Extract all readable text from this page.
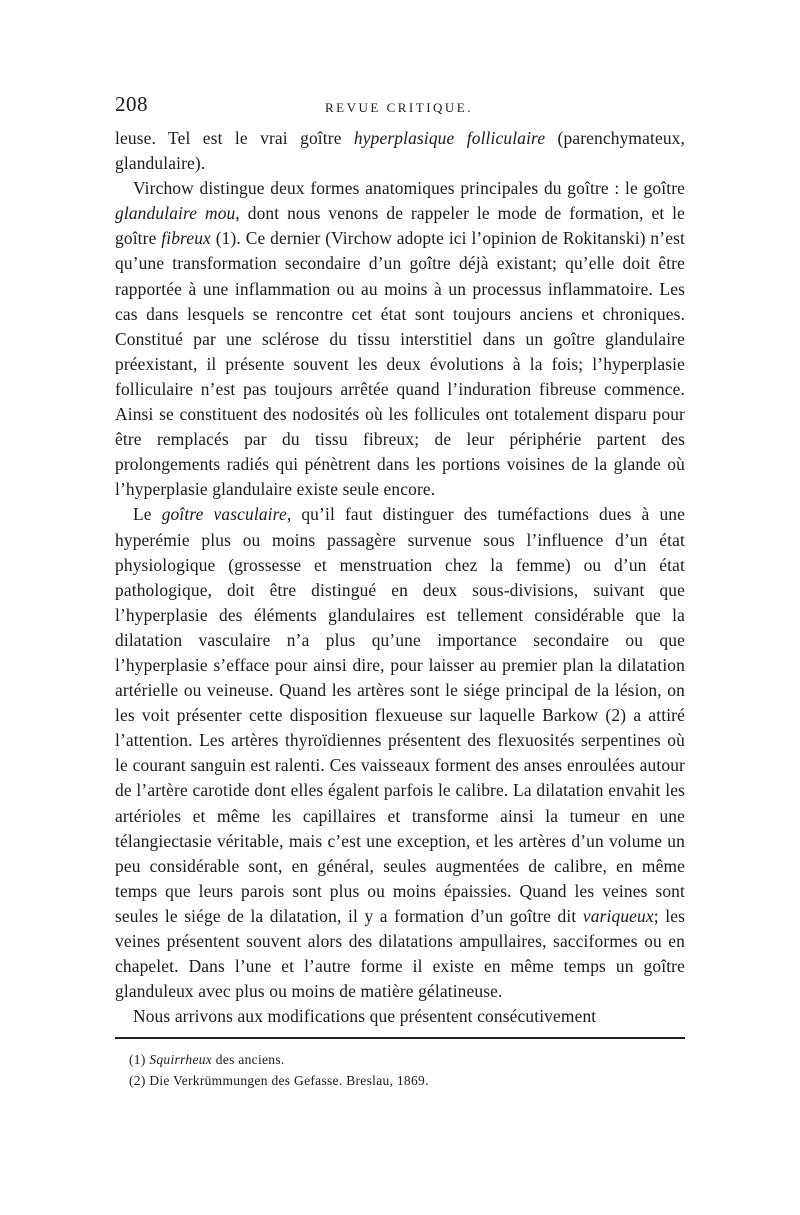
208	REVUE CRITIQUE.

leuse. Tel est le vrai goître hyperplasique folliculaire (parenchymateux, glandulaire).

Virchow distingue deux formes anatomiques principales du goître : le goître glandulaire mou, dont nous venons de rappeler le mode de formation, et le goître fibreux (1). Ce dernier (Virchow adopte ici l’opinion de Rokitanski) n’est qu’une transformation secondaire d’un goître déjà existant; qu’elle doit être rapportée à une inflammation ou au moins à un processus inflammatoire. Les cas dans lesquels se rencontre cet état sont toujours anciens et chroniques. Constitué par une sclérose du tissu interstitiel dans un goître glandulaire préexistant, il présente souvent les deux évolutions à la fois; l’hyperplasie folliculaire n’est pas toujours arrêtée quand l’induration fibreuse commence. Ainsi se constituent des nodosités où les follicules ont totalement disparu pour être remplacés par du tissu fibreux; de leur périphérie partent des prolongements radiés qui pénètrent dans les portions voisines de la glande où l’hyperplasie glandulaire existe seule encore.

Le goître vasculaire, qu’il faut distinguer des tuméfactions dues à une hyperémie plus ou moins passagère survenue sous l’influence d’un état physiologique (grossesse et menstruation chez la femme) ou d’un état pathologique, doit être distingué en deux sous-divisions, suivant que l’hyperplasie des éléments glandulaires est tellement considérable que la dilatation vasculaire n’a plus qu’une importance secondaire ou que l’hyperplasie s’efface pour ainsi dire, pour laisser au premier plan la dilatation artérielle ou veineuse. Quand les artères sont le siége principal de la lésion, on les voit présenter cette disposition flexueuse sur laquelle Barkow (2) a attiré l’attention. Les artères thyroïdiennes présentent des flexuosités serpentines où le courant sanguin est ralenti. Ces vaisseaux forment des anses enroulées autour de l’artère carotide dont elles égalent parfois le calibre. La dilatation envahit les artérioles et même les capillaires et transforme ainsi la tumeur en une télangiectasie véritable, mais c’est une exception, et les artères d’un volume un peu considérable sont, en général, seules augmentées de calibre, en même temps que leurs parois sont plus ou moins épaissies. Quand les veines sont seules le siége de la dilatation, il y a formation d’un goître dit variqueux; les veines présentent souvent alors des dilatations ampullaires, sacciformes ou en chapelet. Dans l’une et l’autre forme il existe en même temps un goître glanduleux avec plus ou moins de matière gélatineuse.

Nous arrivons aux modifications que présentent consécutivement

(1) Squirrheux des anciens.
(2) Die Verkrümmungen des Gefasse. Breslau, 1869.
